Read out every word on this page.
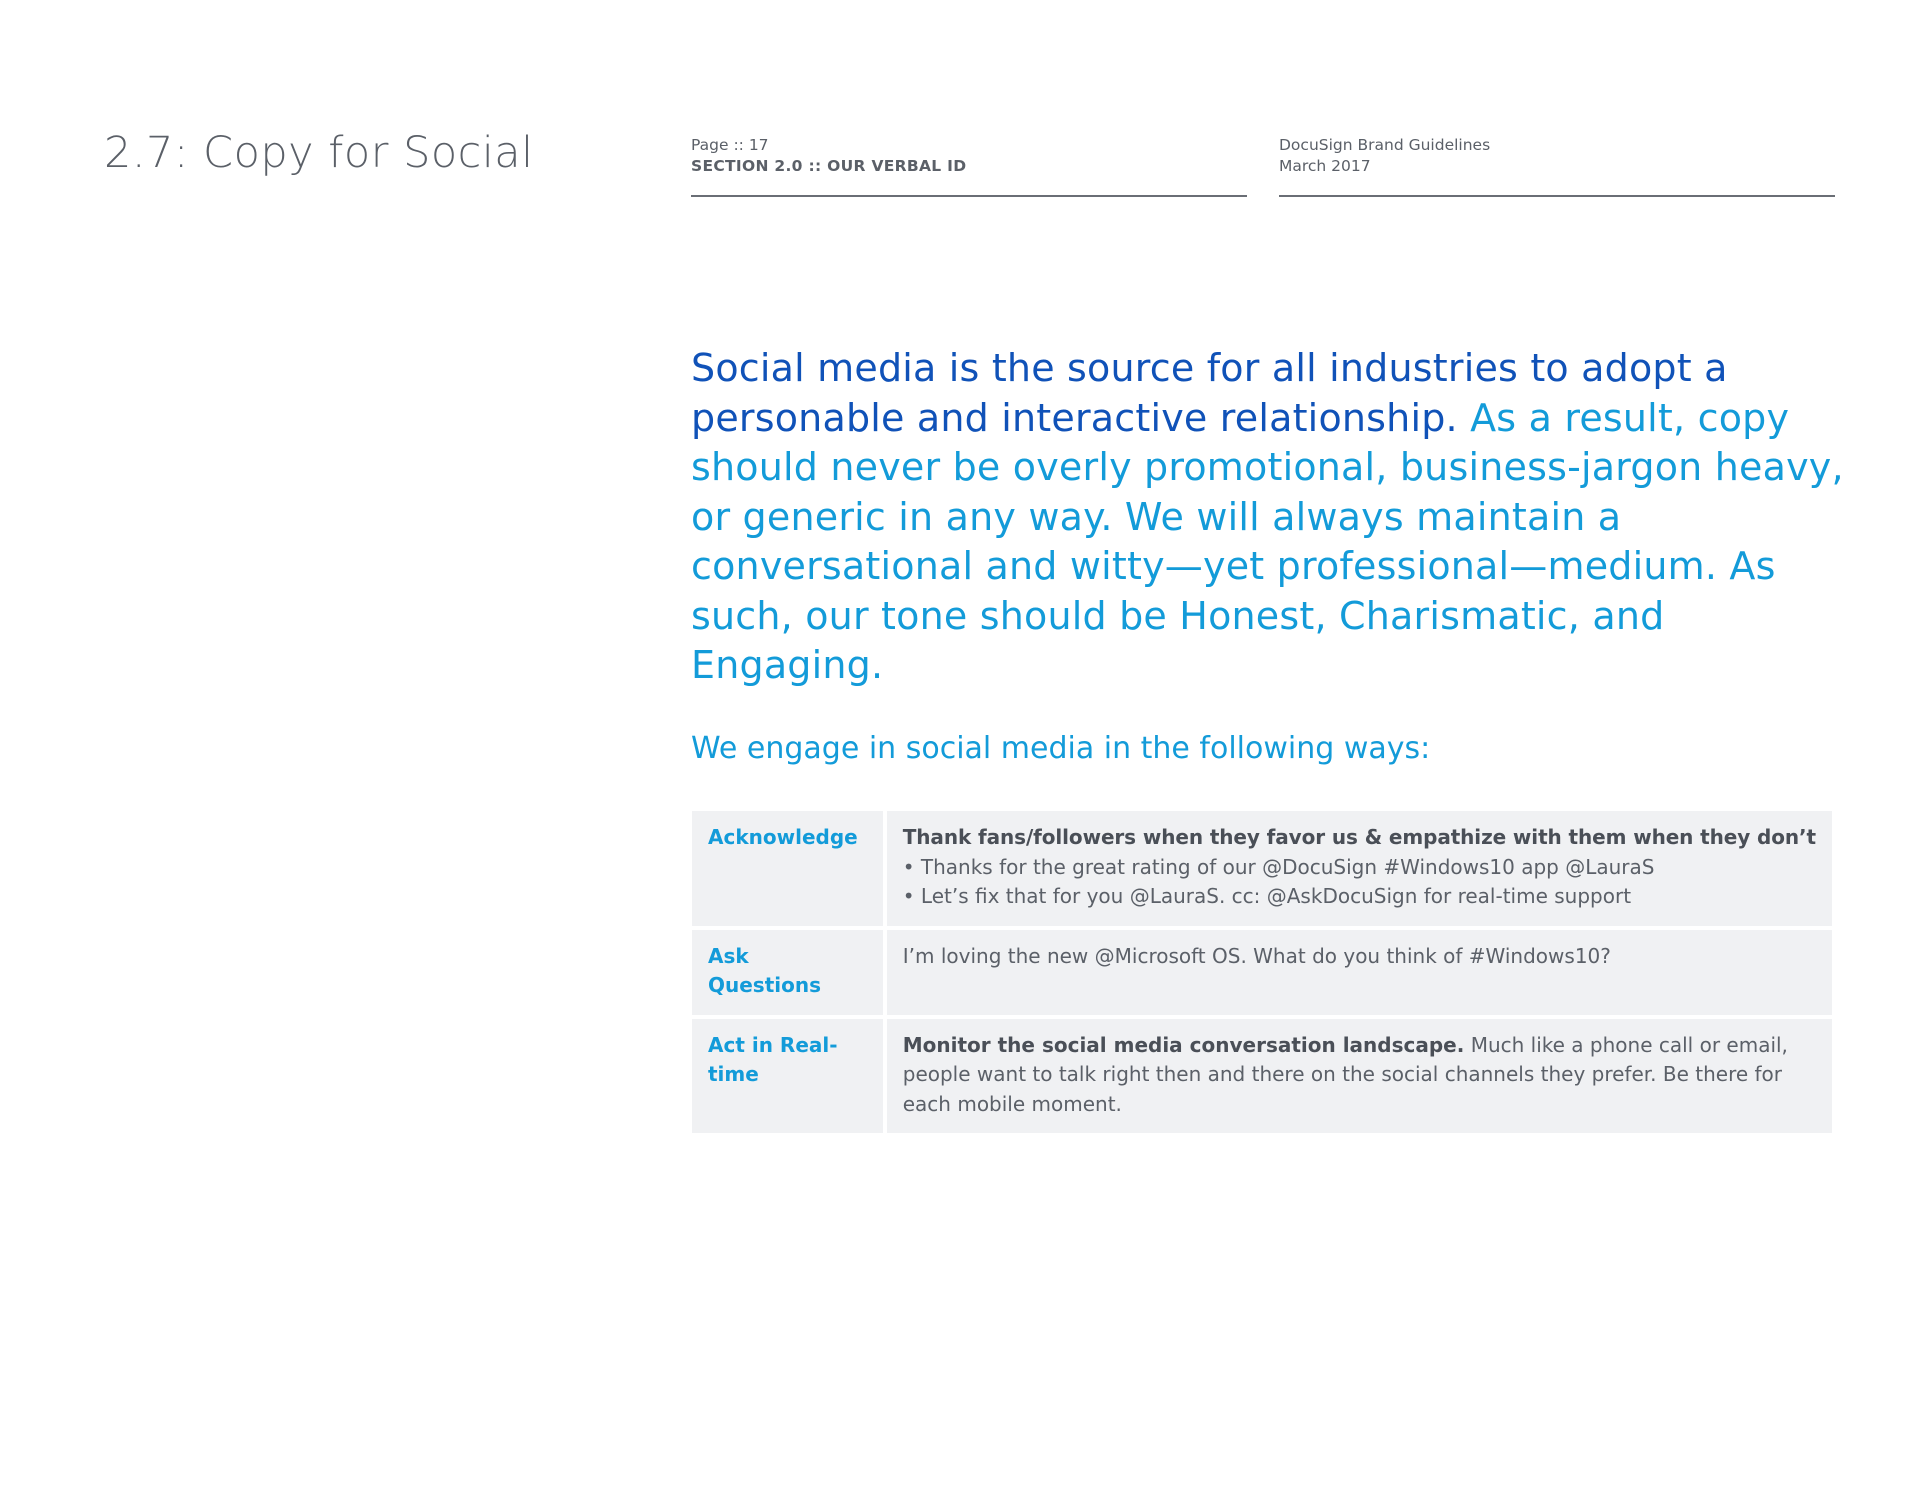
2.7: Copy for Social	Page :: 17
SECTION 2.0 :: OUR VERBAL ID
DocuSign Brand Guidelines
March 2017
Social media is the source for all industries to adopt a personable and interactive relationship. As a result, copy should never be overly promotional, business-jargon heavy, or generic in any way. We will always maintain a conversational and witty—yet professional—medium. As such, our tone should be Honest, Charismatic, and Engaging.
We engage in social media in the following ways:
Acknowledge	Thank fans/followers when they favor us & empathize with them when they don’t
• Thanks for the great rating of our @DocuSign #Windows10 app @LauraS
• Let’s fix that for you @LauraS. cc: @AskDocuSign for real-time support

Ask Questions	I’m loving the new @Microsoft OS. What do you think of #Windows10?
Act in Real-time	Monitor the social media conversation landscape. Much like a phone call or email, people want to talk right then and there on the social channels they prefer. Be there for each mobile moment.
